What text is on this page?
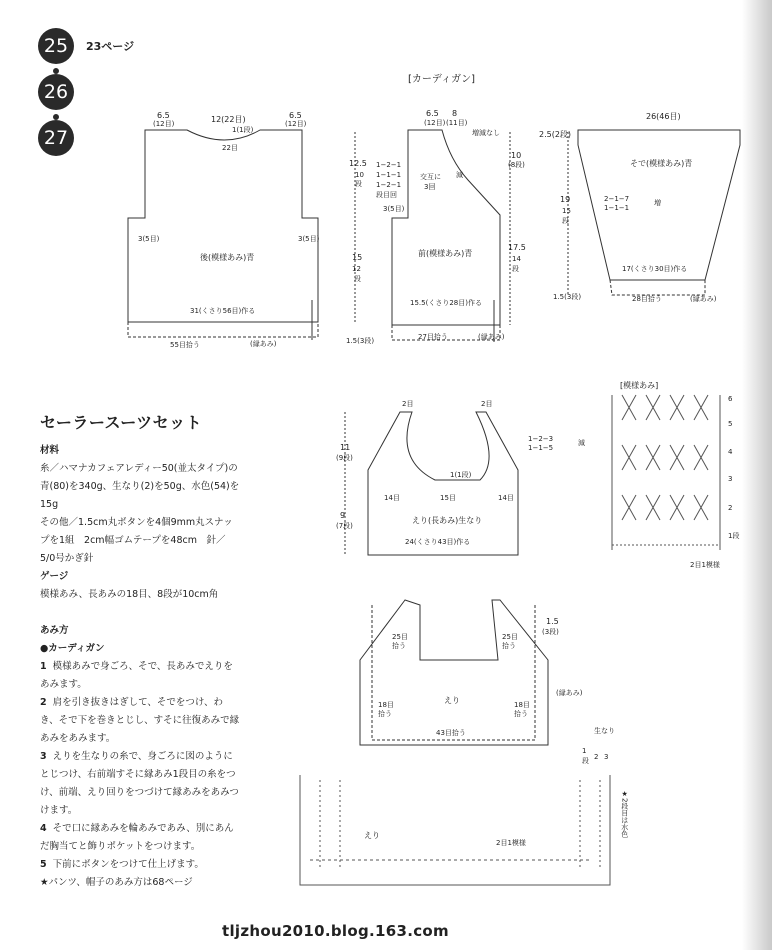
25
26
27
23ページ
[カーディガン]
6.5
(12目)	12(22目)
1(1段)
6.5
(12目)
22目
12.5
10
段
3(5目)	3(5目)
15
12
段
後(模様あみ)青
31(くさり56目)作る
55目拾う	(縁あみ)	1.5(3段)
6.5
(12目)
8
(11目)
増減なし
1−2−1
1−1−1
1−2−1
段目回
交互に
3回
減
10
(8段)
3(5目)
17.5
14
段
前(模様あみ)青
15.5(くさり28目)作る
27目拾う	(縁あみ)
26(46目)
2.5(2段)
そで(模様あみ)青
19
15
段
2−1−7
1−1−1
増
17(くさり30目)作る
1.5(3段)	28目拾う	(縁あみ)
2目	2目
1−2−3
1−1−5
減
11
(9段)
1(1段)
14目	15目	14目
9
(7段)
えり(長あみ)生なり
24(くさり43目)作る
[模様あみ]
6
5
4
3
2
1段
2目1模様
25目
拾う
25目
拾う
1.5
(3段)
えり
18目
拾う
18目
拾う
(縁あみ)
43目拾う	生なり
1
段 2 3
★2段目は水色
えり
2目1模様
セーラースーツセット
材料
糸／ハマナカフェアレディー50(並太タイプ)の青(80)を340g、生なり(2)を50g、水色(54)を15g
その他／1.5cm丸ボタンを4個9mm丸スナップを1組　2cm幅ゴムテープを48cm　針／5/0号かぎ針
ゲージ
模様あみ、長あみの18目、8段が10cm角
あみ方
●カーディガン
1 模様あみで身ごろ、そで、長あみでえりをあみます。
2 肩を引き抜きはぎして、そでをつけ、わき、そで下を巻きとじし、すそに往復あみで縁あみをあみます。
3 えりを生なりの糸で、身ごろに図のようにとじつけ、右前端すそに縁あみ1段目の糸をつけ、前端、えり回りをつづけて縁あみをあみつけます。
4 そで口に縁あみを輪あみであみ、別にあんだ胸当てと飾りポケットをつけます。
5 下前にボタンをつけて仕上げます。
★パンツ、帽子のあみ方は68ページ
tljzhou2010.blog.163.com
